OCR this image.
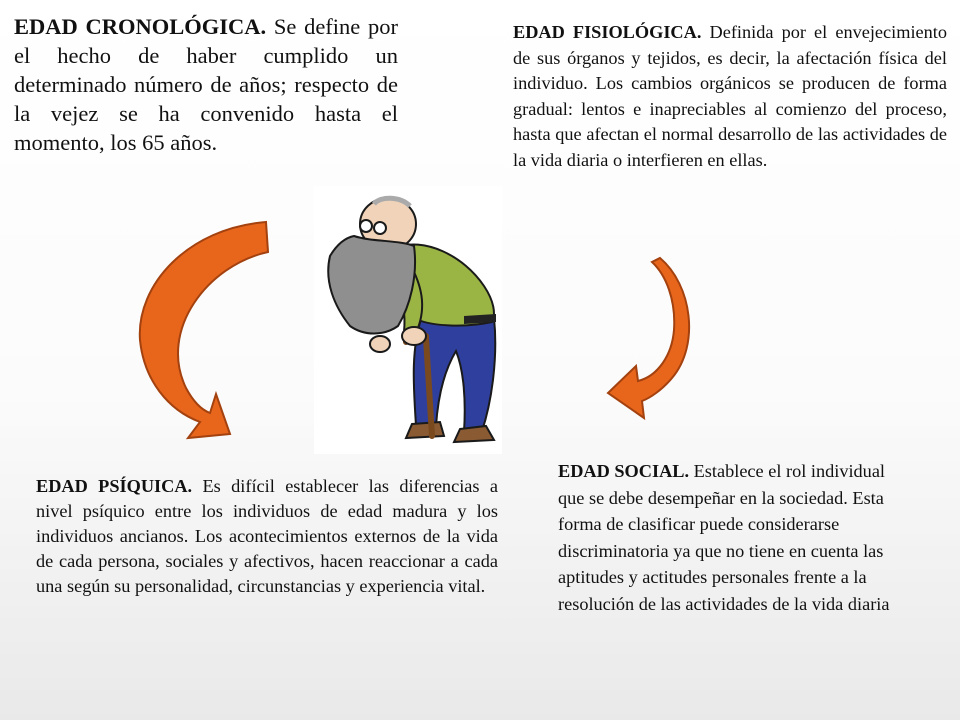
EDAD CRONOLÓGICA. Se define por el hecho de haber cumplido un determinado número de años; respecto de la vejez se ha convenido hasta el momento, los 65 años.

EDAD FISIOLÓGICA. Definida por el envejecimiento de sus órganos y tejidos, es decir, la afectación física del individuo. Los cambios orgánicos se producen de forma gradual: lentos e inapreciables al comienzo del proceso, hasta que afectan el normal desarrollo de las actividades de la vida diaria o interfieren en ellas.

EDAD PSÍQUICA. Es difícil establecer las diferencias a nivel psíquico entre los individuos de edad madura y los individuos ancianos. Los acontecimientos externos de la vida de cada persona, sociales y afectivos, hacen reaccionar a cada una según su personalidad, circunstancias y experiencia vital.

EDAD SOCIAL. Establece el rol individual que se debe desempeñar en la sociedad. Esta forma de clasificar puede considerarse discriminatoria ya que no tiene en cuenta las aptitudes y actitudes personales frente a la resolución de las actividades de la vida diaria
